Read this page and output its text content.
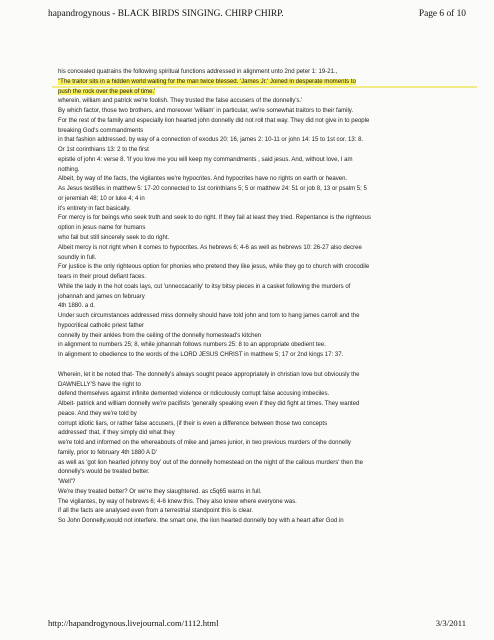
hapandrogynous - BLACK BIRDS SINGING. CHIRP CHIRP.	Page 6 of 10
his concealed quatrains the following spiritual functions addressed in alignment unto 2nd peter 1: 19-21.,
"The traitor sits in a hidden world waiting for the man twice blessed. 'James Jr.' Joined in desperate moments to
push the rock over the peek of time.'
wherein, william and patrick we're foolish. They trusted the false accusers of the donnelly's.'
By which factor, those two brothers, and moreover 'william' in particular, we're somewhat traitors to their family.
For the rest of the family and especially lion hearted john donnelly did not roll that way. They did not give in to people
breaking God's commandments
in that fashion addressed. by way of a connection of exodus 20: 16, james 2: 10-11 or john 14: 15 to 1st cor. 13: 8.
Or 1st corinthians 13: 2 to the first
epistle of john 4: verse 8. 'If you love me you will keep my commandments , said jesus. And, without love, I am
nothing.
Albeit, by way of the facts, the vigilantes we're hypocrites. And hypocrites have no rights on earth or heaven.
As Jesus testifies in matthew 5: 17-20 connected to 1st corinthians 5; 5 or matthew 24: 51 or job 8, 13 or psalm 5; 5
or jeremiah 48; 10 or luke 4; 4 in
it's entirety in fact basically.
For mercy is for beings who seek truth and seek to do right. If they fail at least they tried. Repentance is the righteous
option in jesus name for humans
who fail but still sincerely seek to do right.
Albeit mercy is not right when it comes to hypocrites. As hebrews 6; 4-6 as well as hebrews 10: 26-27 also decree
soundly in full.
For justice is the only righteous option for phonies who pretend they like jesus, while they go to church with crocodile
tears in their proud defiant faces.
While the lady in the hot coals lays, cut 'unneccacarily' to itsy bitsy pieces in a casket following the murders of
johannah and james on february
4th 1880. a d.
Under such circumstances addressed miss donnelly should have told john and tom to hang james carroll and the
hypocritical catholic priest father
connelly by their ankles from the ceiling of the donnelly homestead's kitchen
in alignment to numbers 25; 8, while johannah follows numbers 25: 8 to an appropriate obedient tee.
In alignment to obedience to the words of the LORD JESUS CHRIST in matthew 5; 17 or 2nd kings 17: 37.
Wherein, let it be noted that- The donnelly's always sought peace appropriately in christian love but obviously the
DAWNELLY'S have the right to
defend themselves against infinite demented violence or ridiculously corrupt false accusing imbeciles.
Albeit- patrick and william donnelly we're pacifists 'generally speaking even if they did fight at times. They wanted
peace. And they we're told by
corrupt idiotic liars, or rather false accusers, {if their is even a difference between those two concepts
addressed' that, if they simply did what they
we're told and informed on the whereabouts of mike and james junior, in two previous murders of the donnelly
family, prior to february 4th 1880 A D'
as well as 'got lion hearted johnny boy' out of the donnelly homestead on the night of the callous murders' then the
donnelly's would be treated better.
'Well'?
We're they treated better? Or we're they slaughtered. as c5q65 warns in full.
The vigilantes, by way of hebrews 6; 4-6 knew this. They also knew where everyone was.
if all the facts are analysed even from a terrestrial standpoint this is clear.
So John Donnelly,would not interfere. the smart one, the lion hearted donnelly boy with a heart after God in
http://hapandrogynous.livejournal.com/1112.html	3/3/2011
